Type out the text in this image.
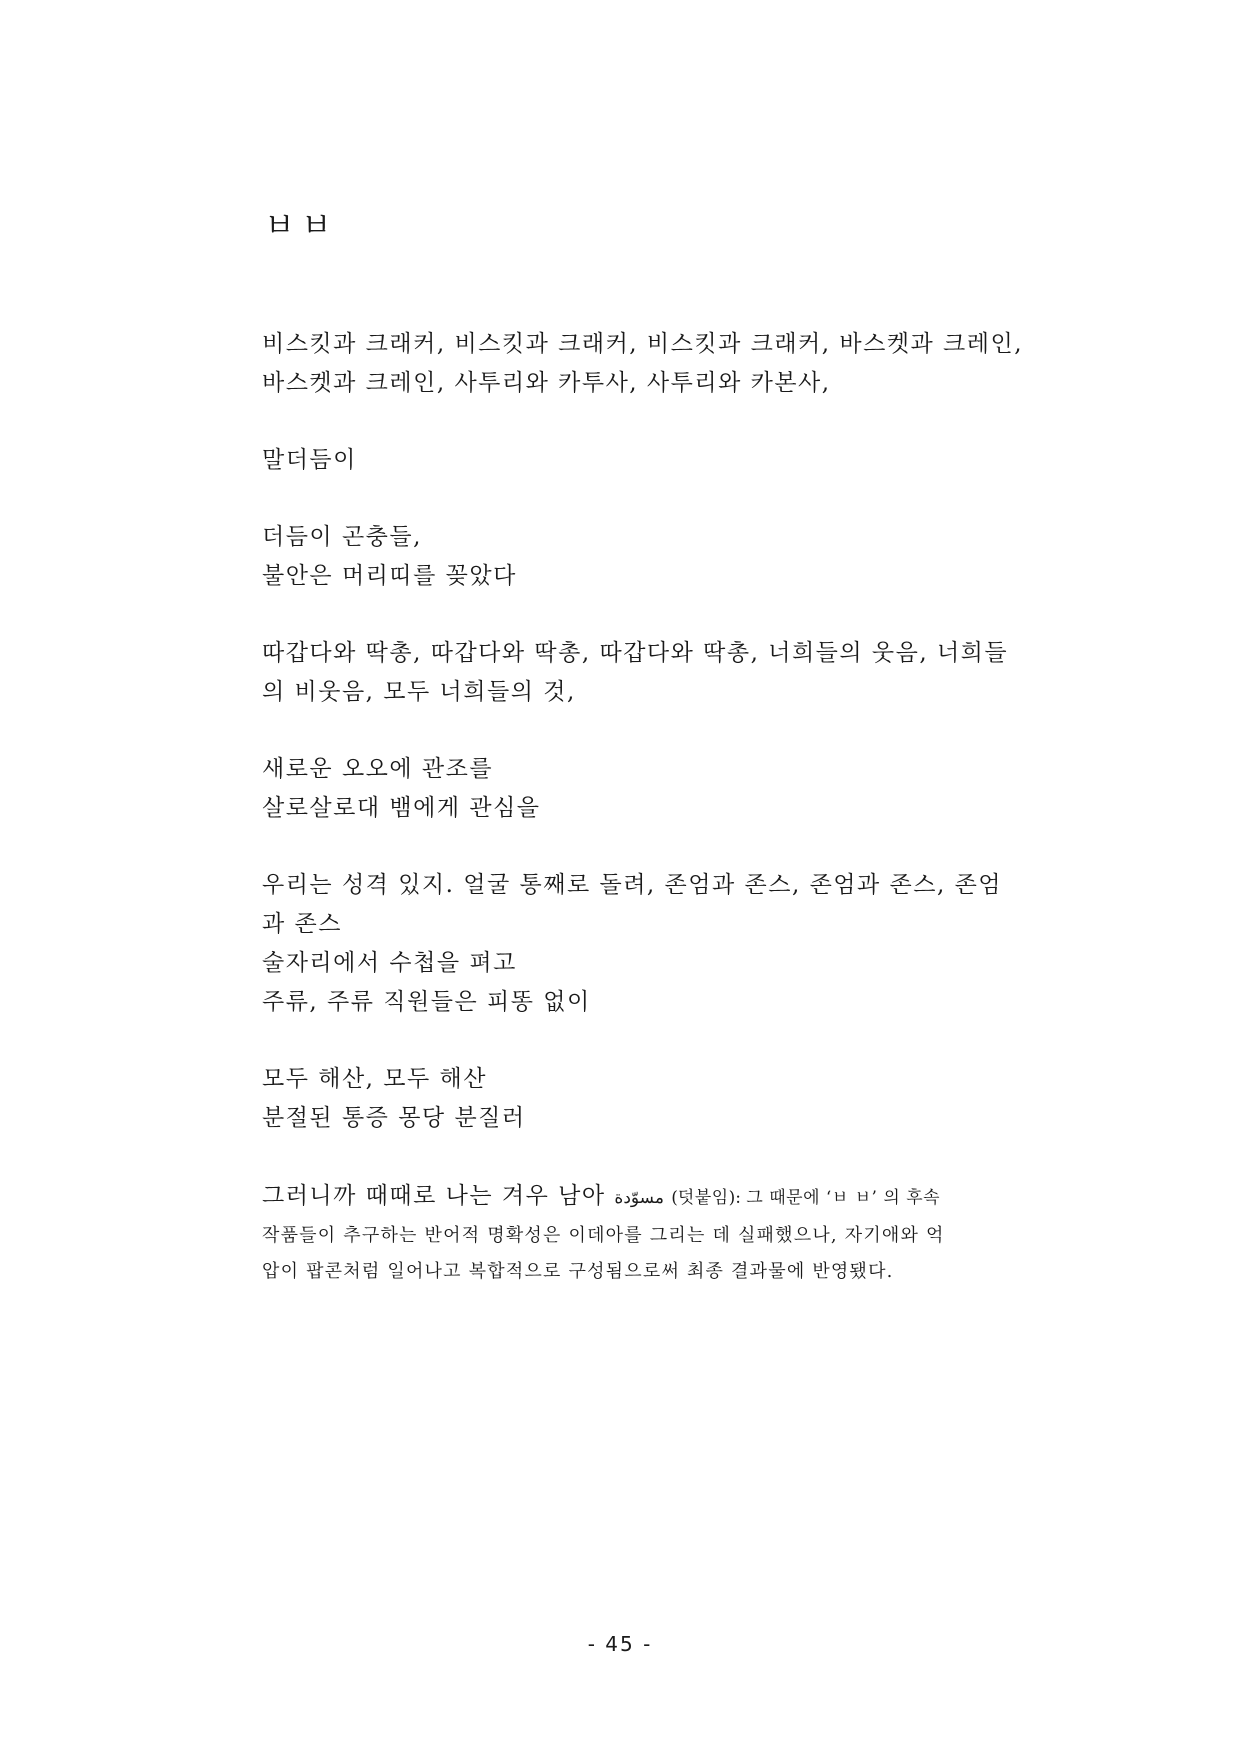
ㅂㅂ
비스킷과 크래커, 비스킷과 크래커, 비스킷과 크래커, 바스켓과 크레인,
바스켓과 크레인, 사투리와 카투사, 사투리와 카본사,
말더듬이
더듬이 곤충들,
불안은 머리띠를 꽂았다
따갑다와 딱총, 따갑다와 딱총, 따갑다와 딱총, 너희들의 웃음, 너희들
의 비웃음, 모두 너희들의 것,
새로운 오오에 관조를
살로살로대 뱀에게 관심을
우리는 성격 있지. 얼굴 통째로 돌려, 존엄과 존스, 존엄과 존스, 존엄
과 존스
술자리에서 수첩을 펴고
주류, 주류 직원들은 피똥 없이
모두 해산, 모두 해산
분절된 통증 몽당 분질러
그러니까 때때로 나는 겨우 남아 مسوّدة (덧붙임): 그 때문에 ‘ㅂ ㅂ’ 의 후속
작품들이 추구하는 반어적 명확성은 이데아를 그리는 데 실패했으나, 자기애와 억
압이 팝콘처럼 일어나고 복합적으로 구성됨으로써 최종 결과물에 반영됐다.
- 45 -
